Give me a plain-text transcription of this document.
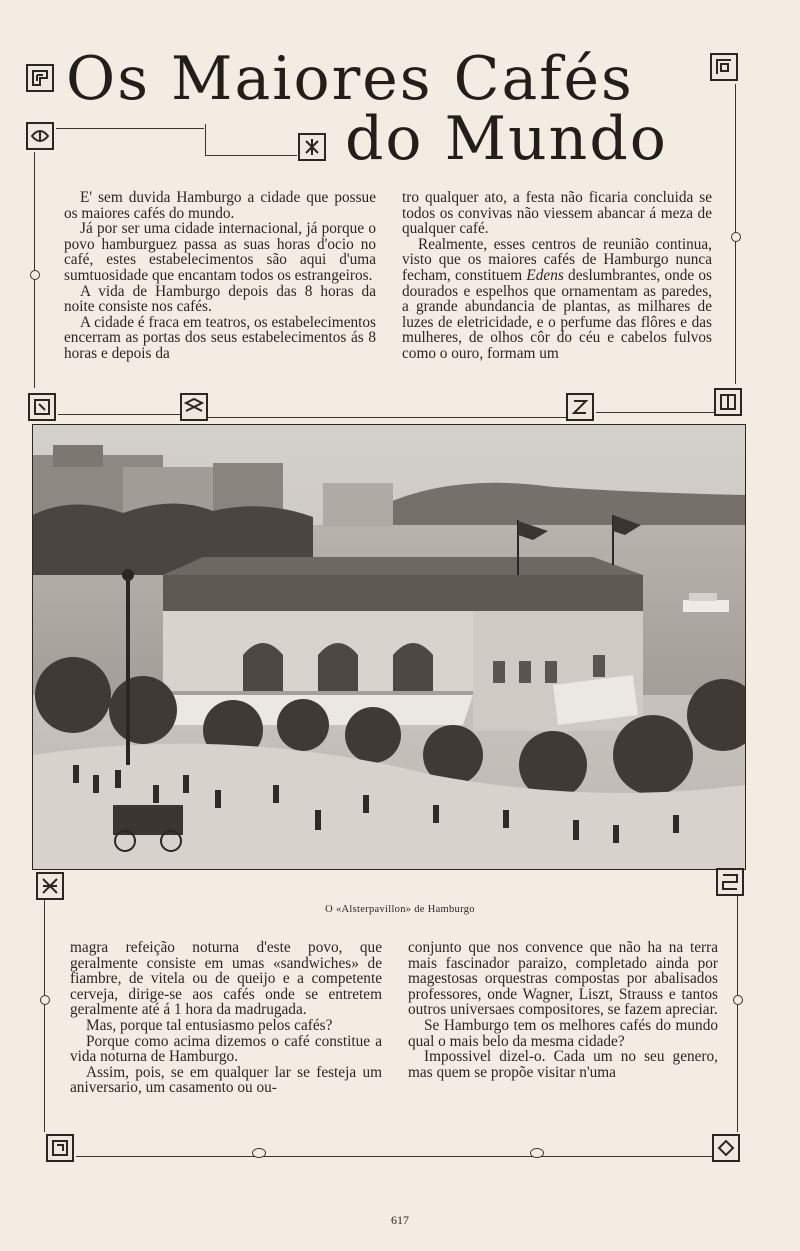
Os Maiores Cafés
do Mundo

E' sem duvida Hamburgo a cidade que possue os maiores cafés do mundo.

Já por ser uma cidade internacional, já porque o povo hamburguez passa as suas horas d'ocio no café, estes estabelecimentos são aqui d'uma sumtuosidade que encantam todos os estrangeiros.

A vida de Hamburgo depois das 8 horas da noite consiste nos cafés.

A cidade é fraca em teatros, os estabelecimentos encerram as portas dos seus estabelecimentos ás 8 horas e depois da

tro qualquer ato, a festa não ficaria concluida se todos os convivas não viessem abancar á meza de qualquer café.

Realmente, esses centros de reunião continua, visto que os maiores cafés de Hamburgo nunca fecham, constituem Edens deslumbrantes, onde os dourados e espelhos que ornamentam as paredes, a grande abundancia de plantas, as milhares de luzes de eletricidade, e o perfume das flôres e das mulheres, de olhos côr do céu e cabelos fulvos como o ouro, formam um

O «Alsterpavillon» de Hamburgo

magra refeição noturna d'este povo, que geralmente consiste em umas «sandwiches» de fiambre, de vitela ou de queijo e a competente cerveja, dirige-se aos cafés onde se entretem geralmente até á 1 hora da madrugada.

Mas, porque tal entusiasmo pelos cafés?

Porque como acima dizemos o café constitue a vida noturna de Hamburgo.

Assim, pois, se em qualquer lar se festeja um aniversario, um casamento ou ou-

conjunto que nos convence que não ha na terra mais fascinador paraizo, completado ainda por magestosas orquestras compostas por abalisados professores, onde Wagner, Liszt, Strauss e tantos outros universaes compositores, se fazem apreciar.

Se Hamburgo tem os melhores cafés do mundo qual o mais belo da mesma cidade?

Impossivel dizel-o. Cada um no seu genero, mas quem se propõe visitar n'uma

617
